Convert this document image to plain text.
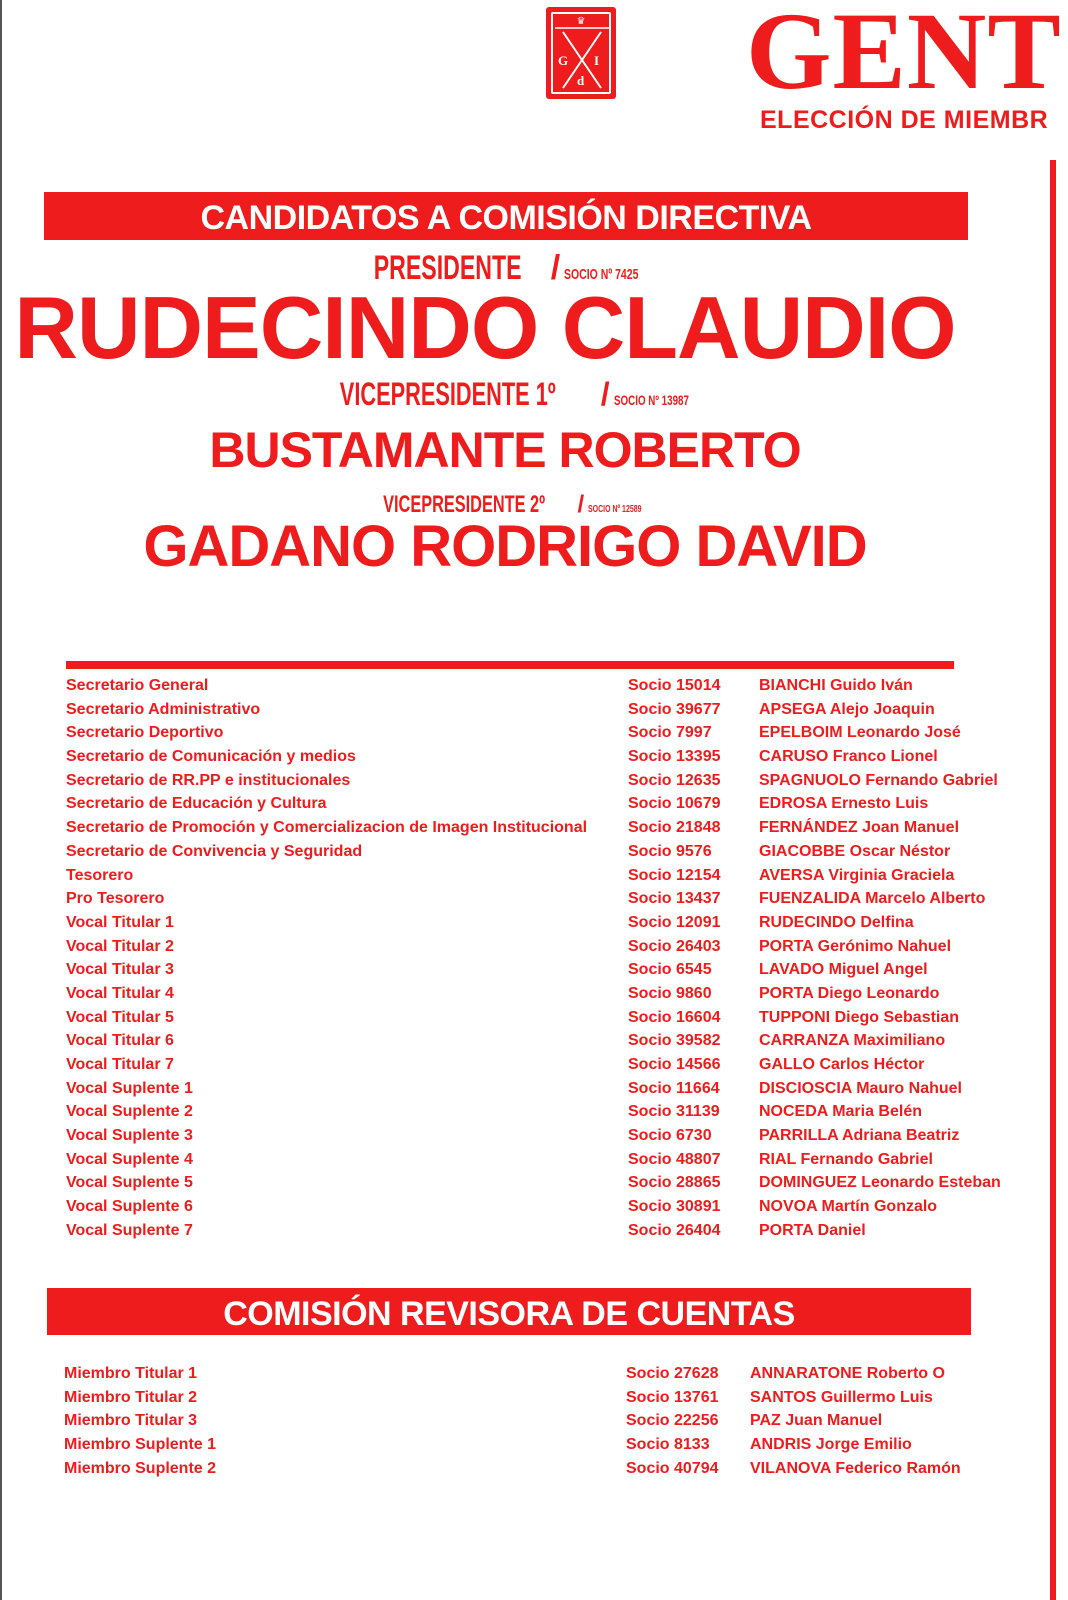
♛
G I
d GENT
ELECCIÓN DE MIEMBR
CANDIDATOS A COMISIÓN DIRECTIVA
PRESIDENTE / SOCIO Nº 7425
RUDECINDO CLAUDIO
VICEPRESIDENTE 1º / SOCIO Nº 13987
BUSTAMANTE ROBERTO
VICEPRESIDENTE 2º / SOCIO Nº 12589
GADANO RODRIGO DAVID
Secretario General	Socio 15014 BIANCHI Guido Iván
Secretario Administrativo	Socio 39677 APSEGA Alejo Joaquin
Secretario Deportivo	Socio 7997	EPELBOIM Leonardo José
Secretario de Comunicación y medios	Socio 13395 CARUSO Franco Lionel
Secretario de RR.PP e institucionales	Socio 12635 SPAGNUOLO Fernando Gabriel
Secretario de Educación y Cultura	Socio 10679 EDROSA Ernesto Luis
Secretario de Promoción y Comercializacion de Imagen Institucional	Socio 21848 FERNÁNDEZ Joan Manuel
Secretario de Convivencia y Seguridad	Socio 9576	GIACOBBE Oscar Néstor
Tesorero	Socio 12154 AVERSA Virginia Graciela
Pro Tesorero	Socio 13437 FUENZALIDA Marcelo Alberto
Vocal Titular 1	Socio 12091 RUDECINDO Delfina
Vocal Titular 2	Socio 26403 PORTA Gerónimo Nahuel
Vocal Titular 3	Socio 6545	LAVADO Miguel Angel
Vocal Titular 4	Socio 9860	PORTA Diego Leonardo
Vocal Titular 5	Socio 16604 TUPPONI Diego Sebastian
Vocal Titular 6	Socio 39582 CARRANZA Maximiliano
Vocal Titular 7	Socio 14566 GALLO Carlos Héctor
Vocal Suplente 1	Socio 11664 DISCIOSCIA Mauro Nahuel
Vocal Suplente 2	Socio 31139 NOCEDA Maria Belén
Vocal Suplente 3	Socio 6730	PARRILLA Adriana Beatriz
Vocal Suplente 4	Socio 48807 RIAL Fernando Gabriel
Vocal Suplente 5	Socio 28865 DOMINGUEZ Leonardo Esteban
Vocal Suplente 6	Socio 30891 NOVOA Martín Gonzalo
Vocal Suplente 7	Socio 26404 PORTA Daniel
COMISIÓN REVISORA DE CUENTAS
Miembro Titular 1	Socio 27628 ANNARATONE Roberto O
Miembro Titular 2	Socio 13761 SANTOS Guillermo Luis
Miembro Titular 3	Socio 22256 PAZ Juan Manuel
Miembro Suplente 1	Socio 8133	ANDRIS Jorge Emilio
Miembro Suplente 2	Socio 40794 VILANOVA Federico Ramón
